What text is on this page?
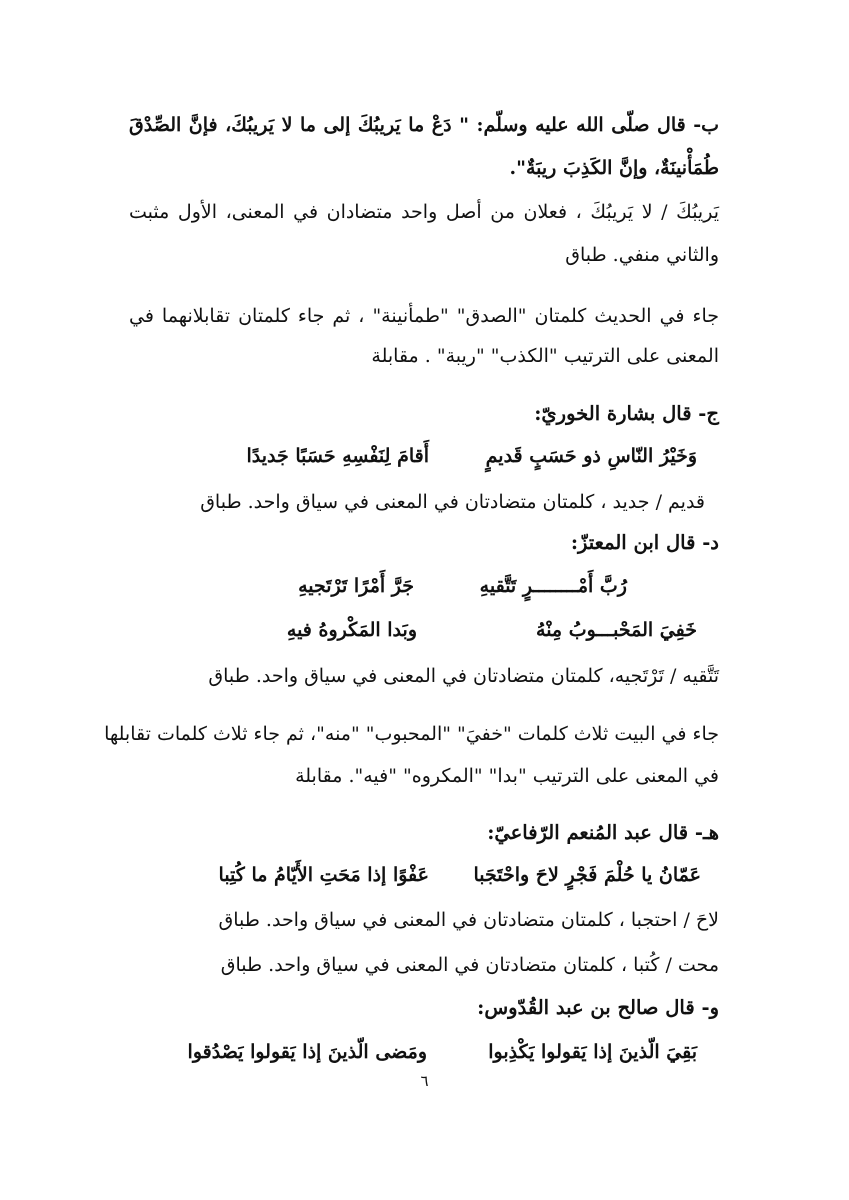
ب- قال صلّى الله عليه وسلّم: " دَعْ ما يَريبُكَ إلى ما لا يَريبُكَ، فإنَّ الصِّدْقَ
طُمَأْنينَةٌ، وإنَّ الكَذِبَ ريبَةٌ".
يَريبُكَ / لا يَريبُكَ ، فعلان من أصل واحد متضادان في المعنى، الأول مثبت
والثاني منفي. طباق
جاء في الحديث كلمتان "الصدق" "طمأنينة" ، ثم جاء كلمتان تقابلانهما في
المعنى على الترتيب "الكذب" "ريبة" . مقابلة
ج- قال بشارة الخوريّ:
وَخَيْرُ النّاسِ ذو حَسَبٍ قَديمٍ
أَقامَ لِنَفْسِهِ حَسَبًا جَديدًا
قديم / جديد ، كلمتان متضادتان في المعنى في سياق واحد. طباق
د- قال ابن المعتزّ:
رُبَّ أَمْــــــــرٍ تَتَّقيهِ
جَرَّ أَمْرًا تَرْتَجيهِ
خَفِيَ المَحْبـــوبُ مِنْهُ
وبَدا المَكْروهُ فيهِ
تَتَّقيه / تَرْتَجيه، كلمتان متضادتان في المعنى في سياق واحد. طباق
جاء في البيت ثلاث كلمات "خفيَ" "المحبوب" "منه"، ثم جاء ثلاث كلمات تقابلها
في المعنى على الترتيب "بدا" "المكروه" "فيه". مقابلة
هـ- قال عبد المُنعم الرّفاعيّ:
عَمّانُ يا حُلْمَ فَجْرٍ لاحَ واحْتَجَبا
عَفْوًا إذا مَحَتِ الأَيّامُ ما كُتِبا
لاحَ / احتجبا ، كلمتان متضادتان في المعنى في سياق واحد. طباق
محت / كُتبا ، كلمتان متضادتان في المعنى في سياق واحد. طباق
و- قال صالح بن عبد القُدّوس:
بَقِيَ الّذينَ إذا يَقولوا يَكْذِبوا
ومَضى الّذينَ إذا يَقولوا يَصْدُقوا
٦
